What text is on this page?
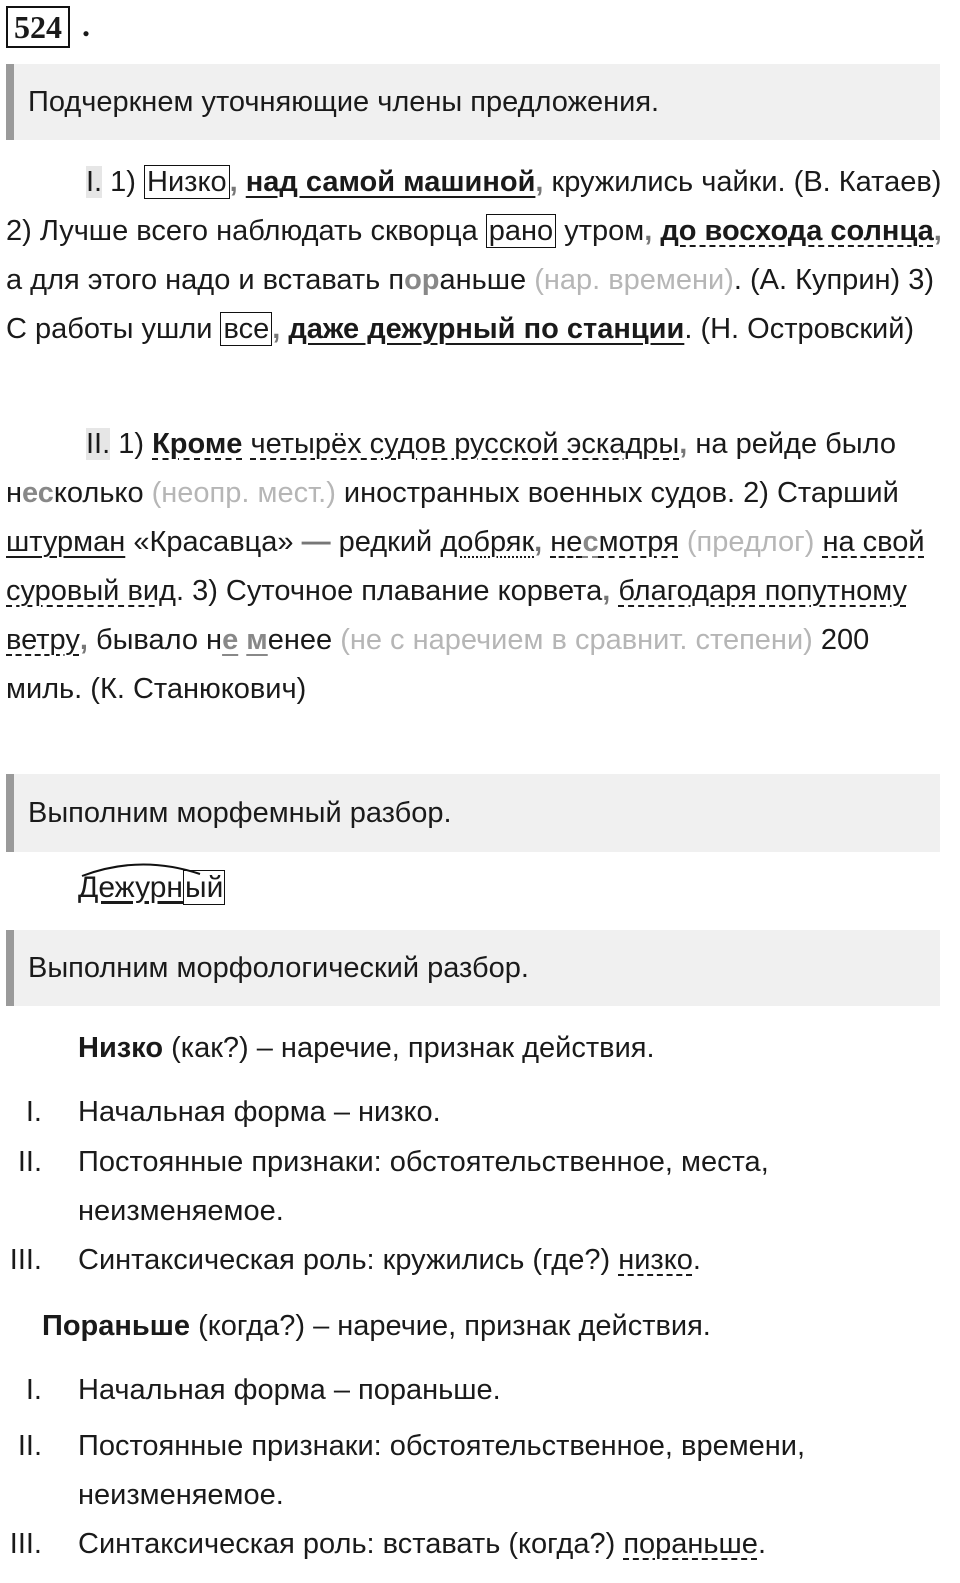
524 .
Подчеркнем уточняющие члены предложения.
I. 1) Низко , над самой машиной, кружились чайки. (В. Катаев) 2) Лучше всего наблюдать скворца рано утром, до восхода солнца, а для этого надо и вставать пораньше (нар. времени). (А. Куприн) 3) С работы ушли все , даже дежурный по станции. (Н. Островский)
II. 1) Кроме четырёх судов русской эскадры, на рейде было несколько (неопр. мест.) иностранных военных судов. 2) Старший штурман «Красавца» — редкий добряк, несмотря (предлог) на свой суровый вид. 3) Суточное плавание корвета, благодаря попутному ветру, бывало не менее (не с наречием в сравнит. степени) 200 миль. (К. Станюкович)
Выполним морфемный разбор.
Дежурный
Выполним морфологический разбор.
Низко (как?) – наречие, признак действия.
I. Начальная форма – низко.
II. Постоянные признаки: обстоятельственное, места, неизменяемое.
III. Синтаксическая роль: кружились (где?) низко.
Пораньше (когда?) – наречие, признак действия.
I. Начальная форма – пораньше.
II. Постоянные признаки: обстоятельственное, времени, неизменяемое.
III. Синтаксическая роль: вставать (когда?) пораньше.
